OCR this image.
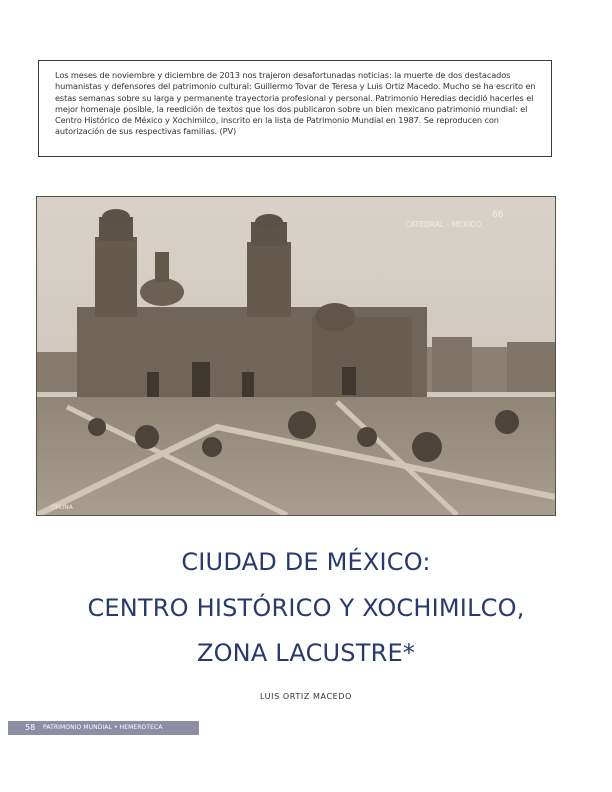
Los meses de noviembre y diciembre de 2013 nos trajeron desafortunadas noticias: la muerte de dos destacados humanistas y defensores del patrimonio cultural: Guillermo Tovar de Teresa y Luis Ortiz Macedo. Mucho se ha escrito en estas semanas sobre su larga y permanente trayectoria profesional y personal. Patrimonio Heredias decidió hacerles el mejor homenaje posible, la reedición de textos que los dos publicaron sobre un bien mexicano patrimonio mundial: el Centro Histórico de México y Xochimilco, inscrito en la lista de Patrimonio Mundial en 1987. Se reproducen con autorización de sus respectivas familias. (PV)

CATEDRAL - MEXICO.
66
ORUNA
CIUDAD DE MÉXICO:
CENTRO HISTÓRICO Y XOCHIMILCO,
ZONA LACUSTRE*

LUIS ORTIZ MACEDO

58 PATRIMONIO MUNDIAL • HEMEROTECA
